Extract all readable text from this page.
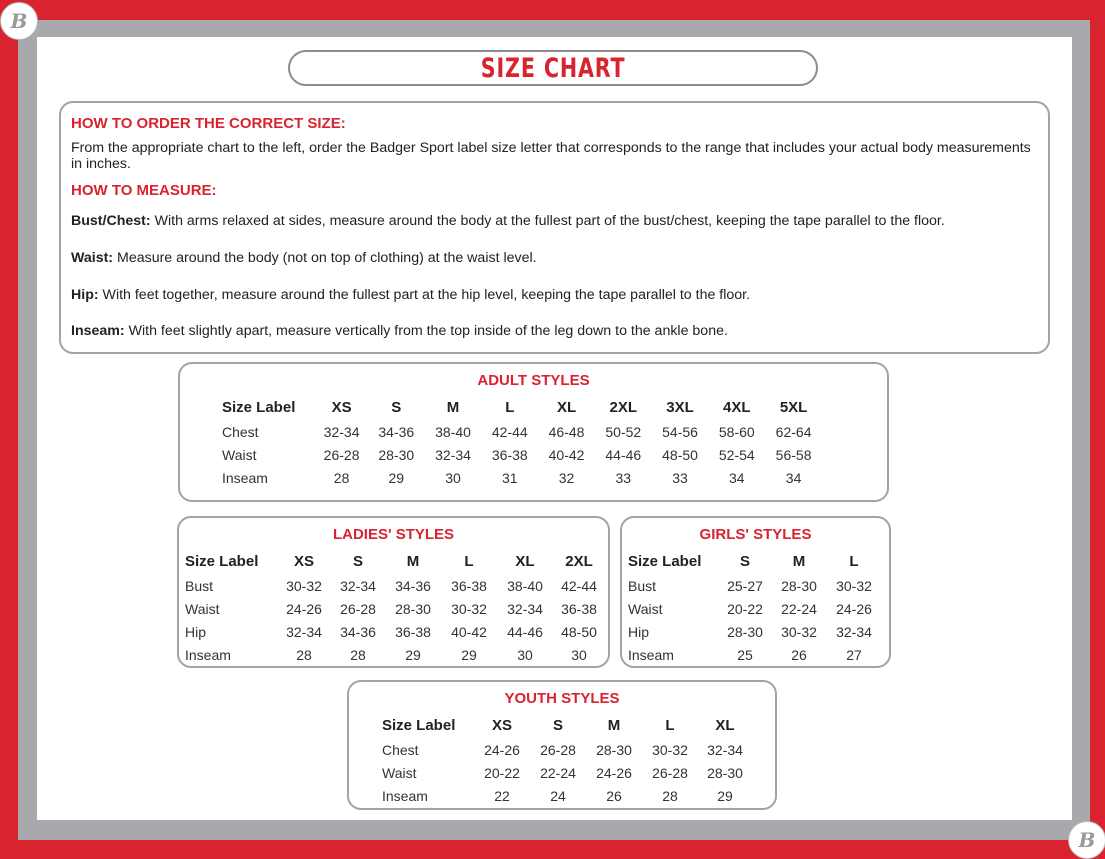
B
B
SIZE CHART

HOW TO ORDER THE CORRECT SIZE:

From the appropriate chart to the left, order the Badger Sport label size letter that corresponds to the range that includes your actual body measurements in inches.

HOW TO MEASURE:

Bust/Chest: With arms relaxed at sides, measure around the body at the fullest part of the bust/chest, keeping the tape parallel to the floor.

Waist: Measure around the body (not on top of clothing) at the waist level.

Hip: With feet together, measure around the fullest part at the hip level, keeping the tape parallel to the floor.

Inseam: With feet slightly apart, measure vertically from the top inside of the leg down to the ankle bone.

ADULT STYLES
Size Label	XS	S	M	L	XL	2XL	3XL	4XL	5XL
Chest	32-34	34-36	38-40	42-44	46-48	50-52	54-56	58-60	62-64
Waist	26-28	28-30	32-34	36-38	40-42	44-46	48-50	52-54	56-58
Inseam	28	29	30	31	32	33	33	34	34
LADIES' STYLES
Size Label	XS	S	M	L	XL	2XL
Bust	30-32	32-34	34-36	36-38	38-40	42-44
Waist	24-26	26-28	28-30	30-32	32-34	36-38
Hip	32-34	34-36	36-38	40-42	44-46	48-50
Inseam	28	28	29	29	30	30
GIRLS' STYLES
Size Label	S	M	L
Bust	25-27	28-30	30-32
Waist	20-22	22-24	24-26
Hip	28-30	30-32	32-34
Inseam	25	26	27
YOUTH STYLES
Size Label	XS	S	M	L	XL
Chest	24-26	26-28	28-30	30-32	32-34
Waist	20-22	22-24	24-26	26-28	28-30
Inseam	22	24	26	28	29
